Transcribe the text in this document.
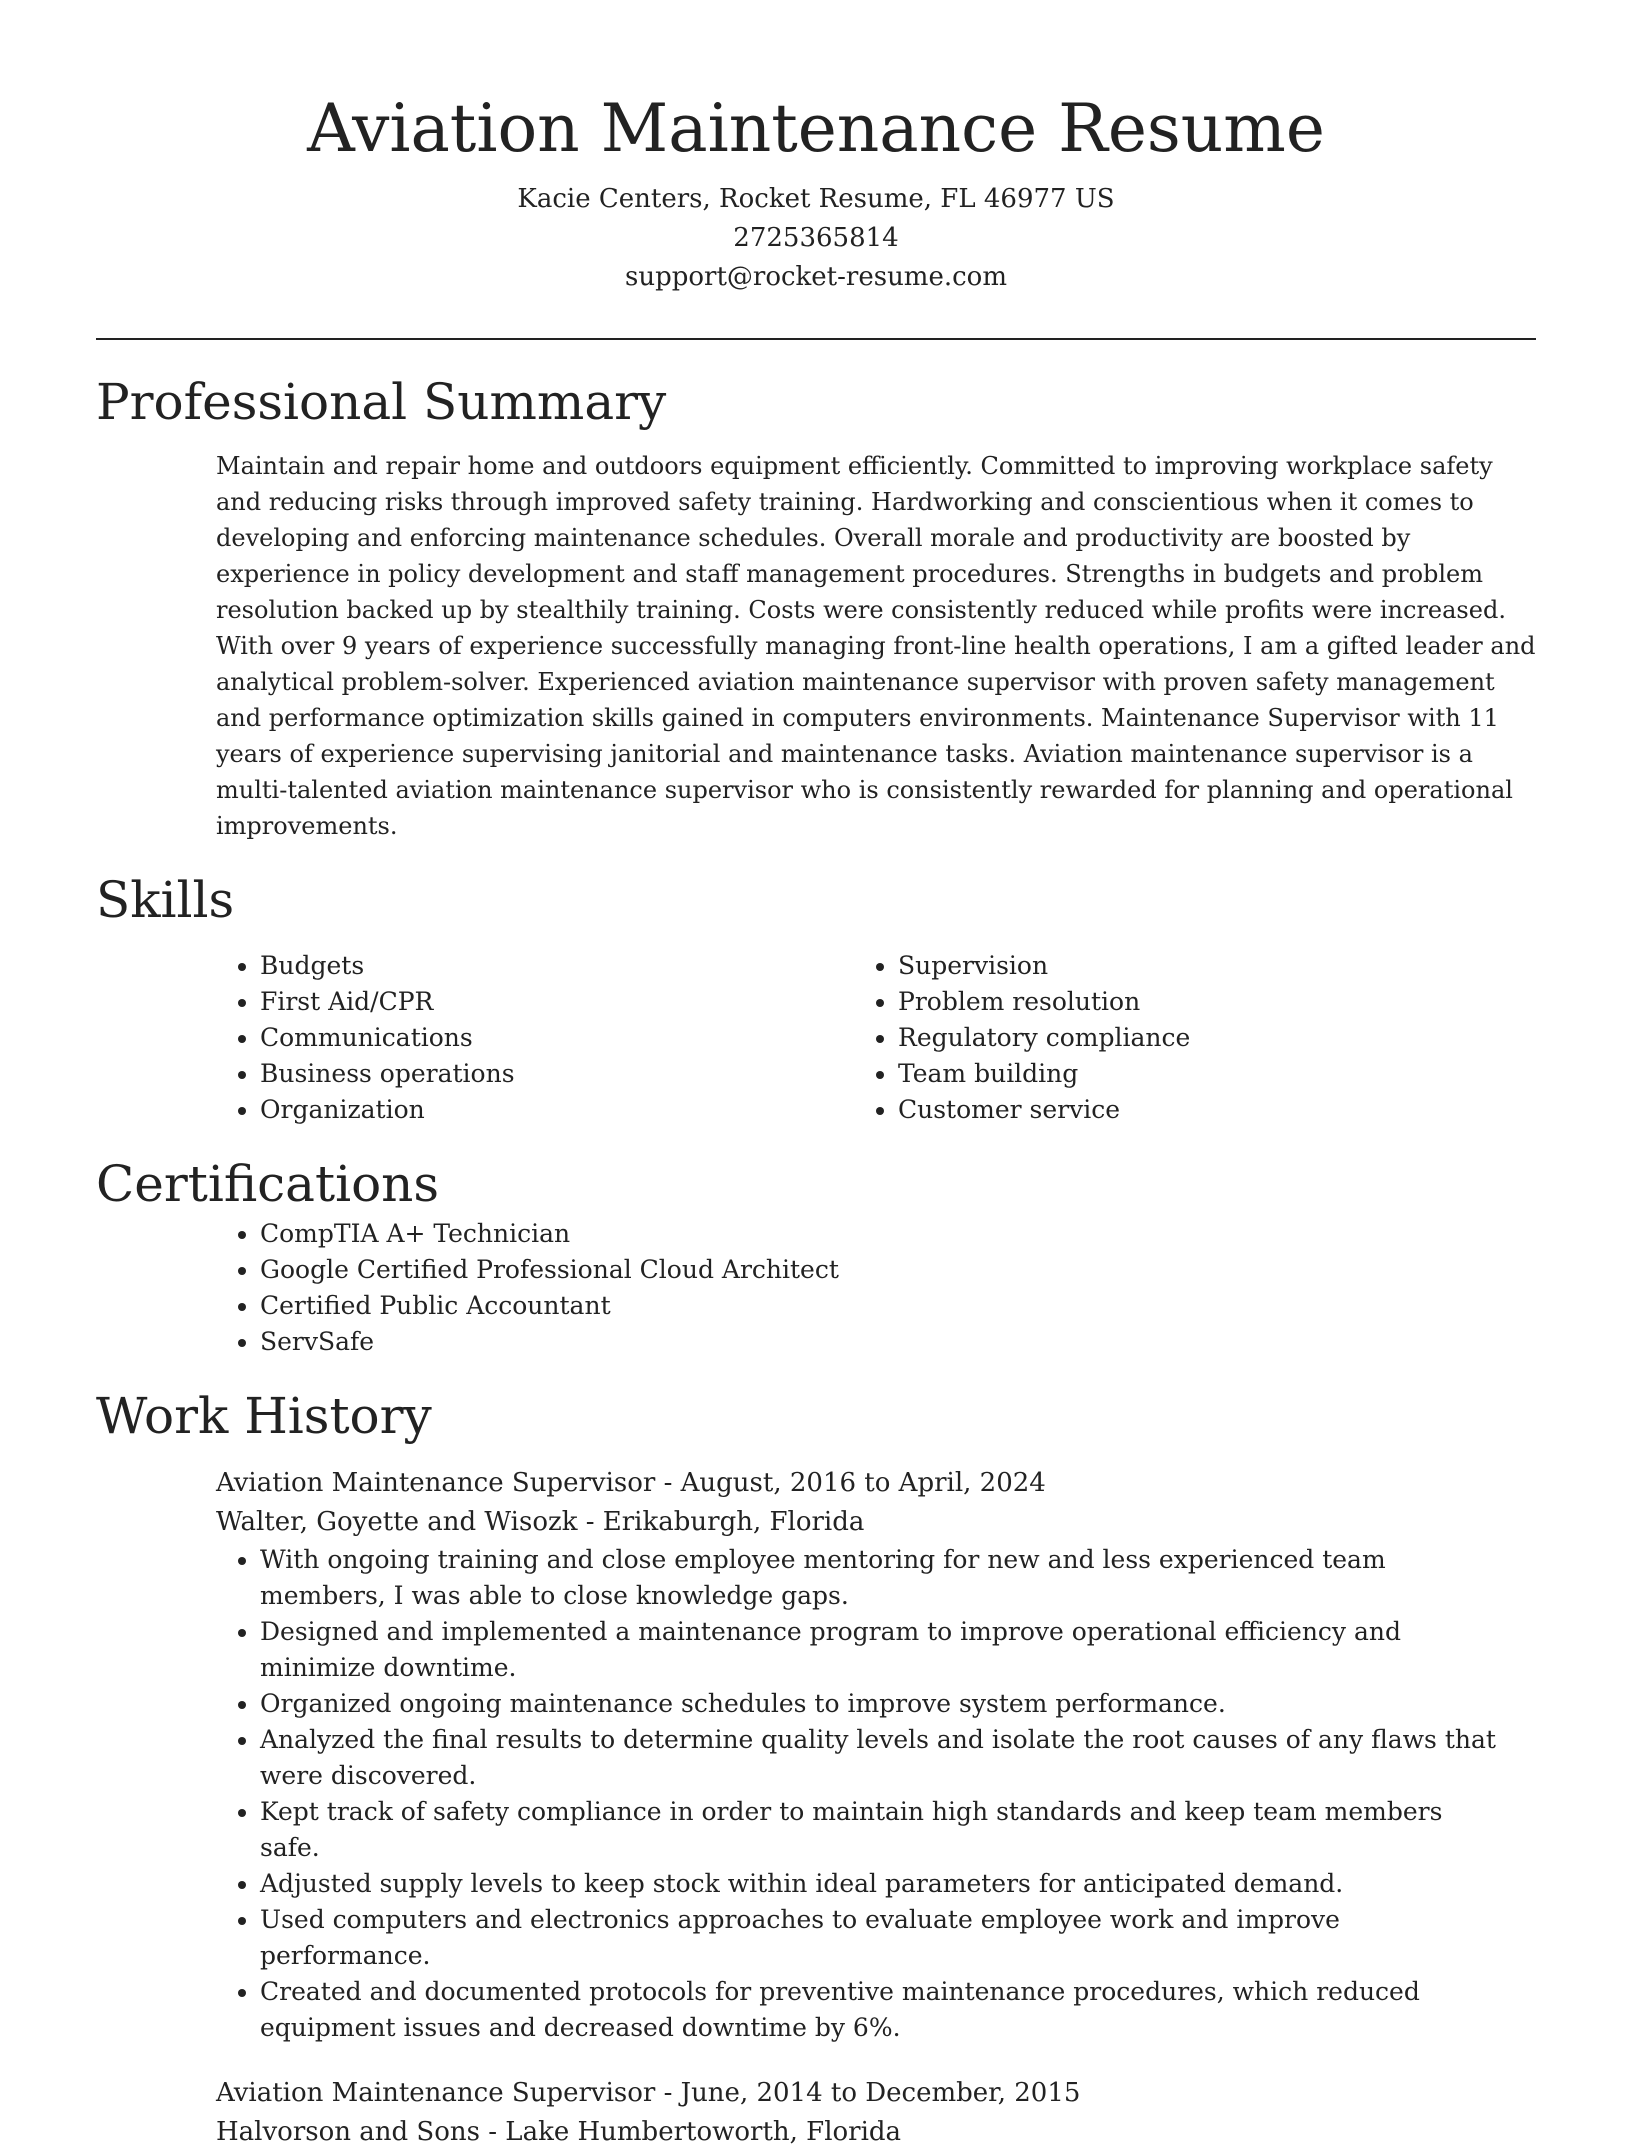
Aviation Maintenance Resume

Kacie Centers, Rocket Resume, FL 46977 US

2725365814

support@rocket-resume.com

Professional Summary

Maintain and repair home and outdoors equipment efficiently. Committed to improving workplace safety and reducing risks through improved safety training. Hardworking and conscientious when it comes to developing and enforcing maintenance schedules. Overall morale and productivity are boosted by experience in policy development and staff management procedures. Strengths in budgets and problem resolution backed up by stealthily training. Costs were consistently reduced while profits were increased. With over 9 years of experience successfully managing front-line health operations, I am a gifted leader and analytical problem-solver. Experienced aviation maintenance supervisor with proven safety management and performance optimization skills gained in computers environments. Maintenance Supervisor with 11 years of experience supervising janitorial and maintenance tasks. Aviation maintenance supervisor is a multi-talented aviation maintenance supervisor who is consistently rewarded for planning and operational improvements.

Skills
• Budgets
• First Aid/CPR
• Communications
• Business operations
• Organization
• Supervision
• Problem resolution
• Regulatory compliance
• Team building
• Customer service
Certifications
• CompTIA A+ Technician
• Google Certified Professional Cloud Architect
• Certified Public Accountant
• ServSafe
Work History

Aviation Maintenance Supervisor - August, 2016 to April, 2024

Walter, Goyette and Wisozk - Erikaburgh, Florida

• With ongoing training and close employee mentoring for new and less experienced team members, I was able to close knowledge gaps.
• Designed and implemented a maintenance program to improve operational efficiency and minimize downtime.
• Organized ongoing maintenance schedules to improve system performance.
• Analyzed the final results to determine quality levels and isolate the root causes of any flaws that were discovered.
• Kept track of safety compliance in order to maintain high standards and keep team members safe.
• Adjusted supply levels to keep stock within ideal parameters for anticipated demand.
• Used computers and electronics approaches to evaluate employee work and improve performance.
• Created and documented protocols for preventive maintenance procedures, which reduced equipment issues and decreased downtime by 6%.

Aviation Maintenance Supervisor - June, 2014 to December, 2015

Halvorson and Sons - Lake Humbertoworth, Florida
